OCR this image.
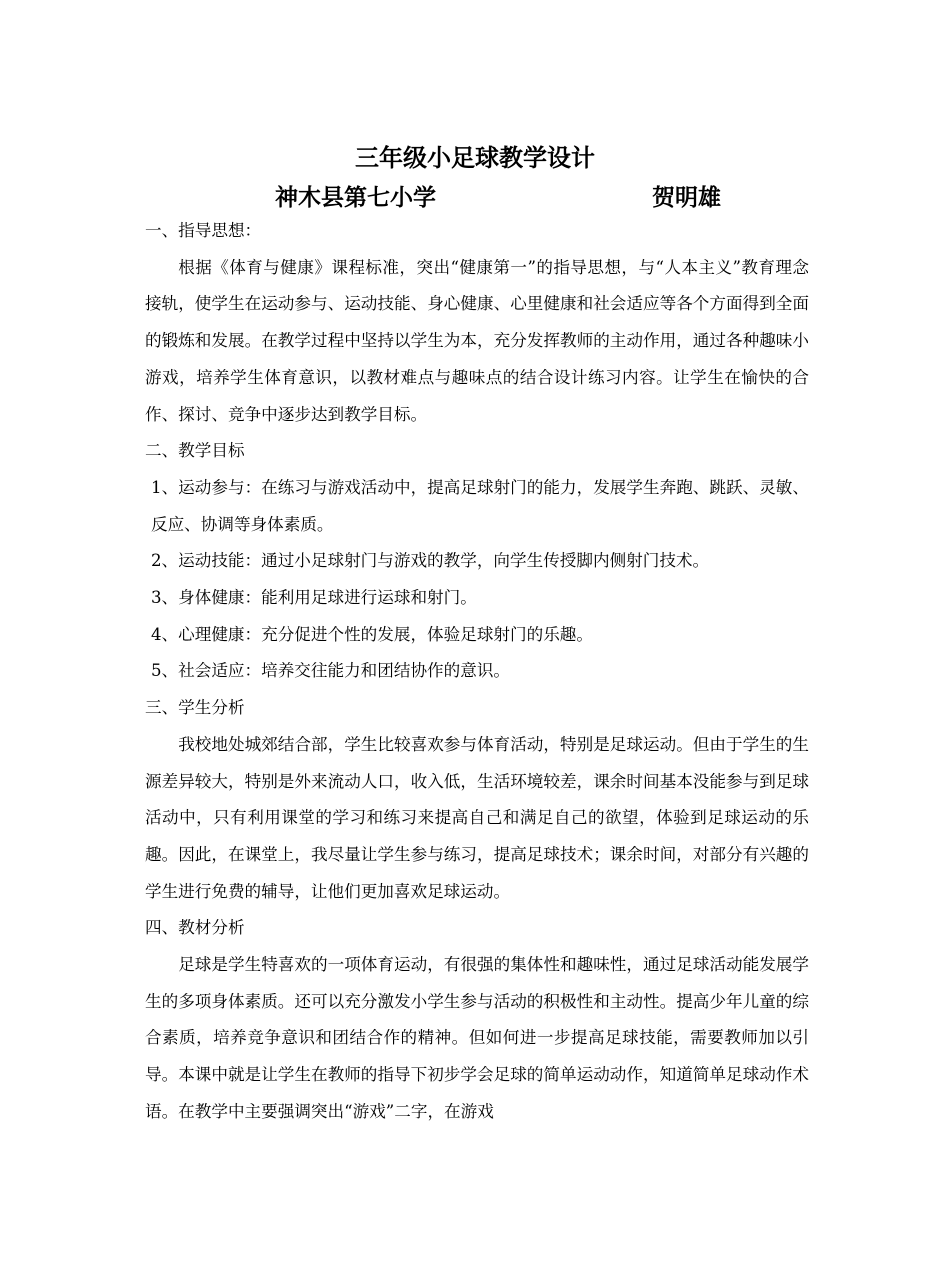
三年级小足球教学设计
神木县第七小学	贺明雄

一、指导思想：

根据《体育与健康》课程标准，突出“健康第一”的指导思想，与“人本主义”教育理念接轨，使学生在运动参与、运动技能、身心健康、心里健康和社会适应等各个方面得到全面的锻炼和发展。在教学过程中坚持以学生为本，充分发挥教师的主动作用，通过各种趣味小游戏，培养学生体育意识，以教材难点与趣味点的结合设计练习内容。让学生在愉快的合作、探讨、竞争中逐步达到教学目标。

二、教学目标

1、运动参与：在练习与游戏活动中，提高足球射门的能力，发展学生奔跑、跳跃、灵敏、反应、协调等身体素质。

2、运动技能：通过小足球射门与游戏的教学，向学生传授脚内侧射门技术。

3、身体健康：能利用足球进行运球和射门。

4、心理健康：充分促进个性的发展，体验足球射门的乐趣。

5、社会适应：培养交往能力和团结协作的意识。

三、学生分析

我校地处城郊结合部，学生比较喜欢参与体育活动，特别是足球运动。但由于学生的生源差异较大，特别是外来流动人口，收入低，生活环境较差，课余时间基本没能参与到足球活动中，只有利用课堂的学习和练习来提高自己和满足自己的欲望，体验到足球运动的乐趣。因此，在课堂上，我尽量让学生参与练习，提高足球技术；课余时间，对部分有兴趣的学生进行免费的辅导，让他们更加喜欢足球运动。

四、教材分析

足球是学生特喜欢的一项体育运动，有很强的集体性和趣味性，通过足球活动能发展学生的多项身体素质。还可以充分激发小学生参与活动的积极性和主动性。提高少年儿童的综合素质，培养竞争意识和团结合作的精神。但如何进一步提高足球技能，需要教师加以引导。本课中就是让学生在教师的指导下初步学会足球的简单运动动作，知道简单足球动作术语。在教学中主要强调突出“游戏”二字，在游戏
